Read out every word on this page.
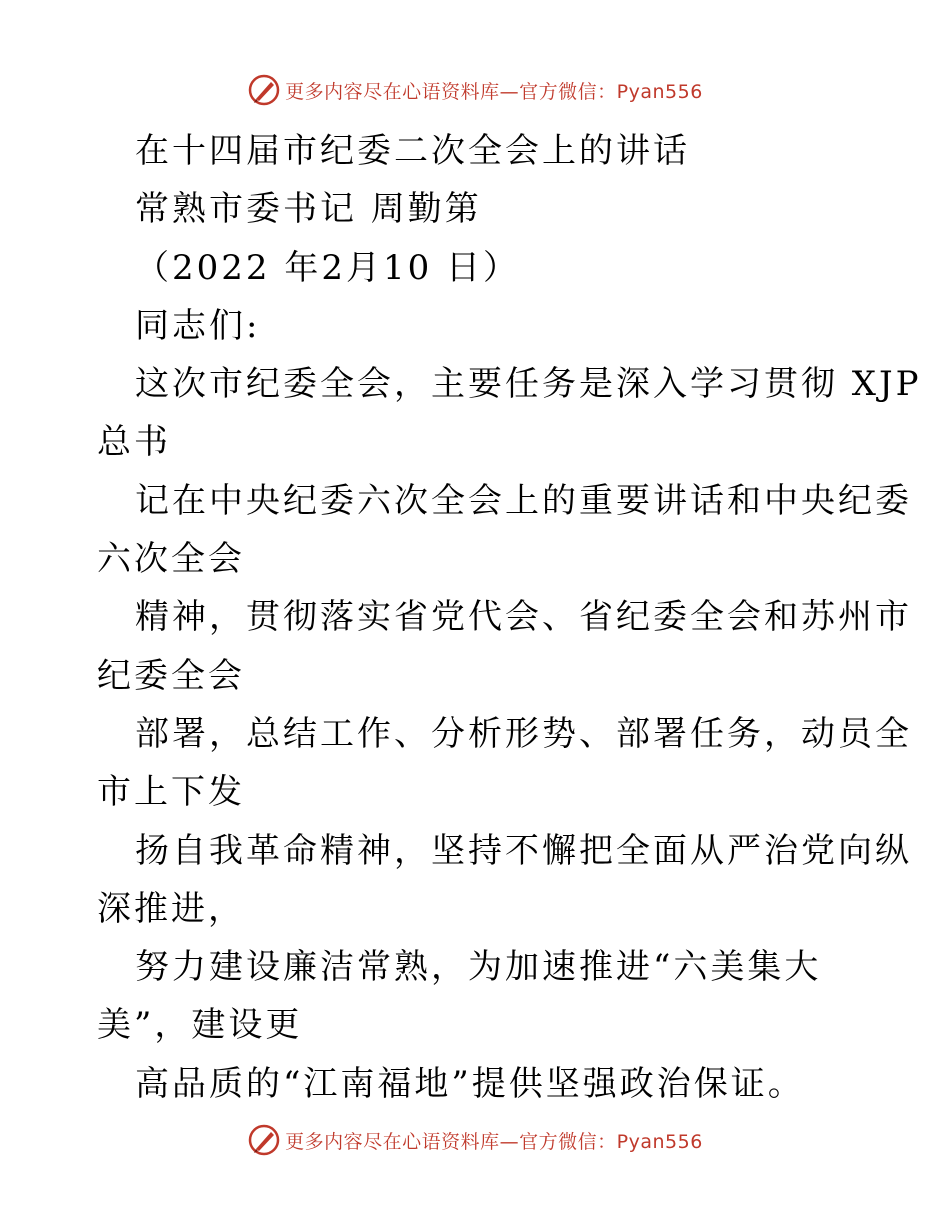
更多内容尽在心语资料库—官方微信：Pyan556
在十四届市纪委二次全会上的讲话
常熟市委书记 周勤第
（2022 年2月10 日）
同志们:
这次市纪委全会，主要任务是深入学习贯彻 XJP
总书
记在中央纪委六次全会上的重要讲话和中央纪委
六次全会
精神，贯彻落实省党代会、省纪委全会和苏州市
纪委全会
部署，总结工作、分析形势、部署任务，动员全
市上下发
扬自我革命精神，坚持不懈把全面从严治党向纵
深推进，
努力建设廉洁常熟，为加速推进“六美集大
美”，建设更
高品质的“江南福地”提供坚强政治保证。
更多内容尽在心语资料库—官方微信：Pyan556
